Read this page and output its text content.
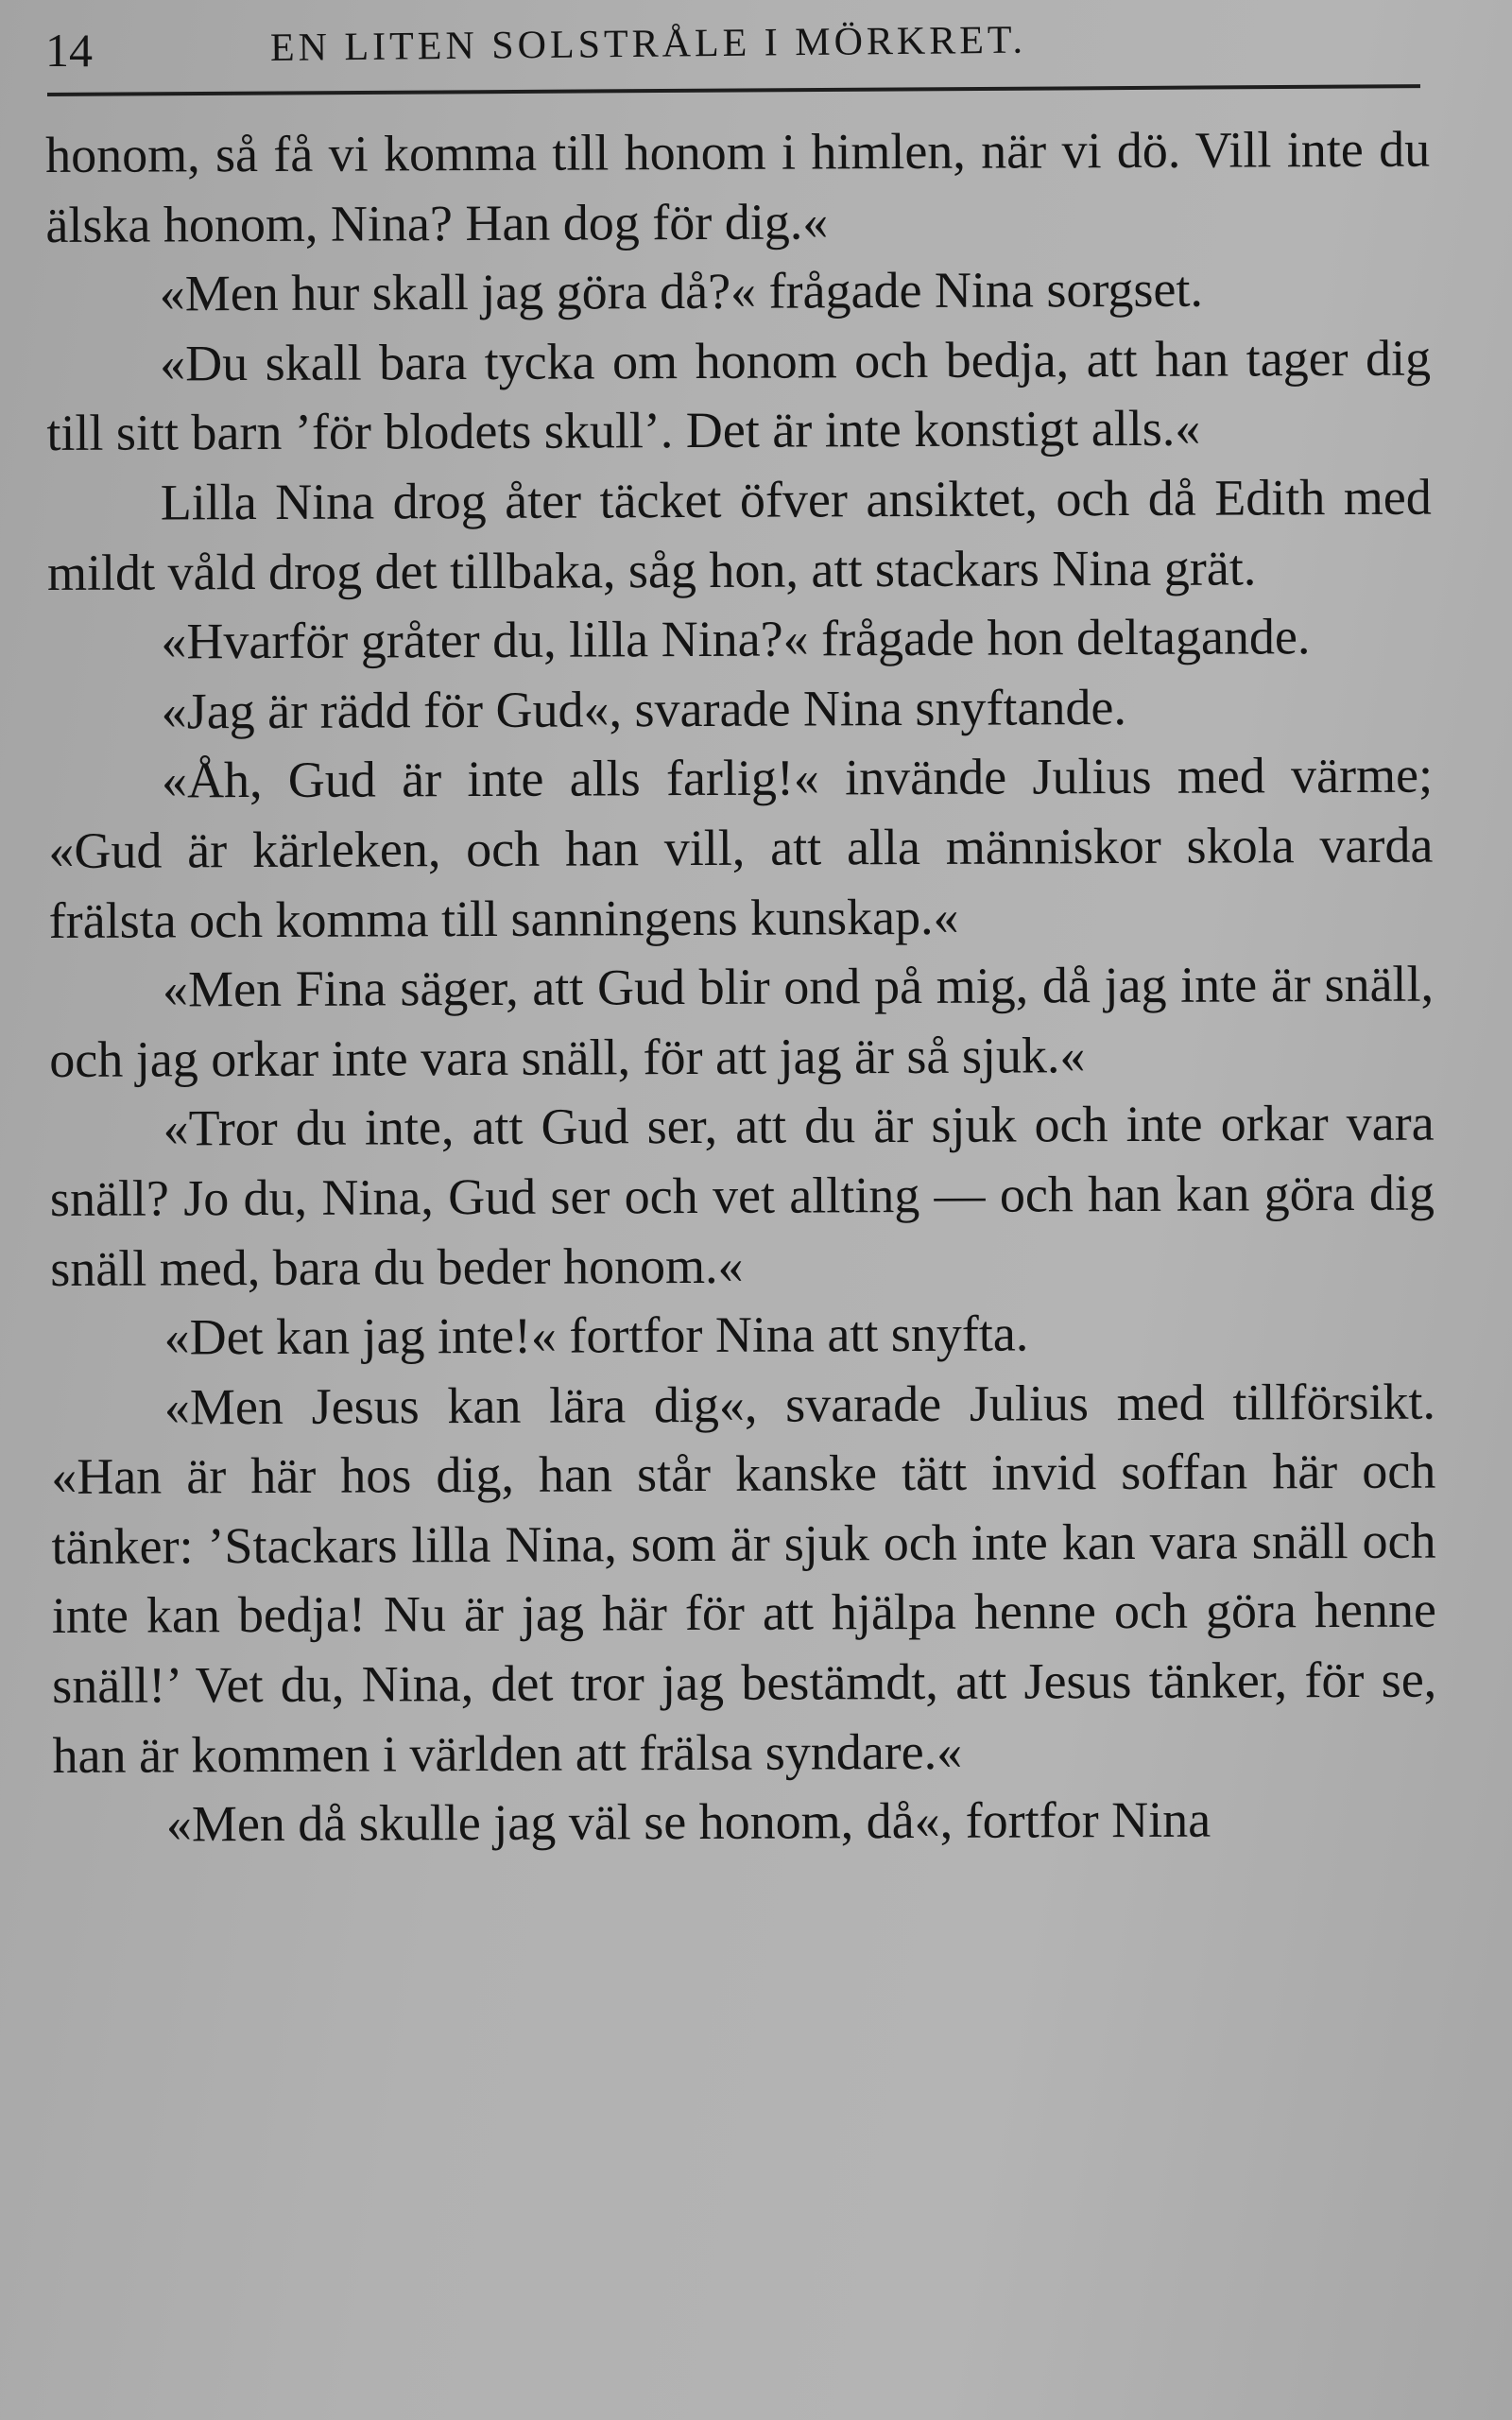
14	EN LITEN SOLSTRÅLE I MÖRKRET.

honom, så få vi komma till honom i himlen, när vi dö. Vill inte du älska honom, Nina? Han dog för dig.«

«Men hur skall jag göra då?« frågade Nina sorgset.

«Du skall bara tycka om honom och bedja, att han tager dig till sitt barn ’för blodets skull’. Det är inte konstigt alls.«

Lilla Nina drog åter täcket öfver ansiktet, och då Edith med mildt våld drog det tillbaka, såg hon, att stackars Nina grät.

«Hvarför gråter du, lilla Nina?« frågade hon deltagande.

«Jag är rädd för Gud«, svarade Nina snyftande.

«Åh, Gud är inte alls farlig!« invände Julius med värme; «Gud är kärleken, och han vill, att alla människor skola varda frälsta och komma till sanningens kunskap.«

«Men Fina säger, att Gud blir ond på mig, då jag inte är snäll, och jag orkar inte vara snäll, för att jag är så sjuk.«

«Tror du inte, att Gud ser, att du är sjuk och inte orkar vara snäll? Jo du, Nina, Gud ser och vet allting — och han kan göra dig snäll med, bara du beder honom.«

«Det kan jag inte!« fortfor Nina att snyfta.

«Men Jesus kan lära dig«, svarade Julius med tillförsikt. «Han är här hos dig, han står kanske tätt invid soffan här och tänker: ’Stackars lilla Nina, som är sjuk och inte kan vara snäll och inte kan bedja! Nu är jag här för att hjälpa henne och göra henne snäll!’ Vet du, Nina, det tror jag bestämdt, att Jesus tänker, för se, han är kommen i världen att frälsa syndare.«

«Men då skulle jag väl se honom, då«, fortfor Nina
